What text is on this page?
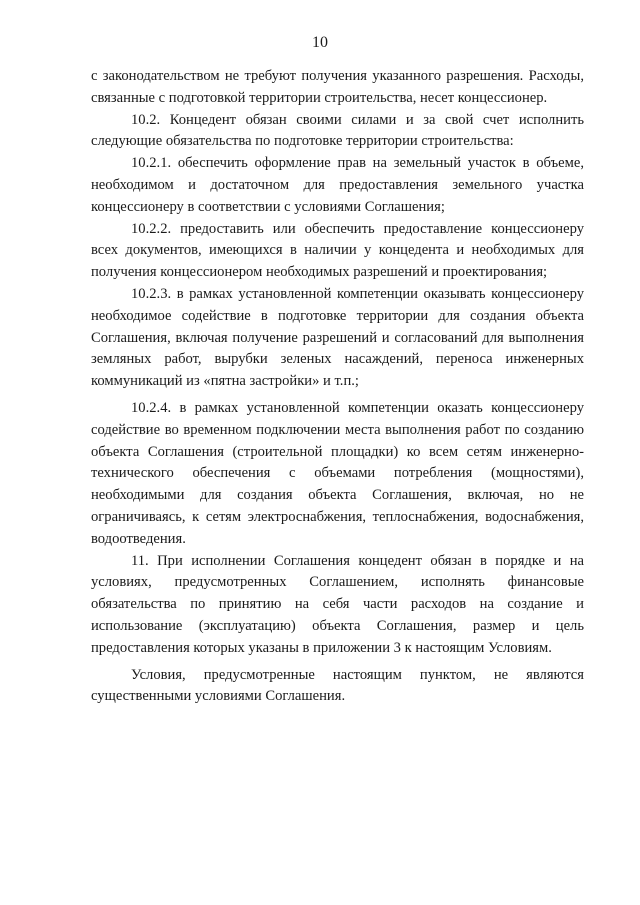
10

с законодательством не требуют получения указанного разрешения. Расходы, связанные с подготовкой территории строительства, несет концессионер.

10.2. Концедент обязан своими силами и за свой счет исполнить следующие обязательства по подготовке территории строительства:

10.2.1. обеспечить оформление прав на земельный участок в объеме, необходимом и достаточном для предоставления земельного участка концессионеру в соответствии с условиями Соглашения;

10.2.2. предоставить или обеспечить предоставление концессионеру всех документов, имеющихся в наличии у концедента и необходимых для получения концессионером необходимых разрешений и проектирования;

10.2.3. в рамках установленной компетенции оказывать концессионеру необходимое содействие в подготовке территории для создания объекта Соглашения, включая получение разрешений и согласований для выполнения земляных работ, вырубки зеленых насаждений, переноса инженерных коммуникаций из «пятна застройки» и т.п.;

10.2.4. в рамках установленной компетенции оказать концессионеру содействие во временном подключении места выполнения работ по созданию объекта Соглашения (строительной площадки) ко всем сетям инженерно-технического обеспечения с объемами потребления (мощностями), необходимыми для создания объекта Соглашения, включая, но не ограничиваясь, к сетям электроснабжения, теплоснабжения, водоснабжения, водоотведения.

11. При исполнении Соглашения концедент обязан в порядке и на условиях, предусмотренных Соглашением, исполнять финансовые обязательства по принятию на себя части расходов на создание и использование (эксплуатацию) объекта Соглашения, размер и цель предоставления которых указаны в приложении 3 к настоящим Условиям.

Условия, предусмотренные настоящим пунктом, не являются существенными условиями Соглашения.
